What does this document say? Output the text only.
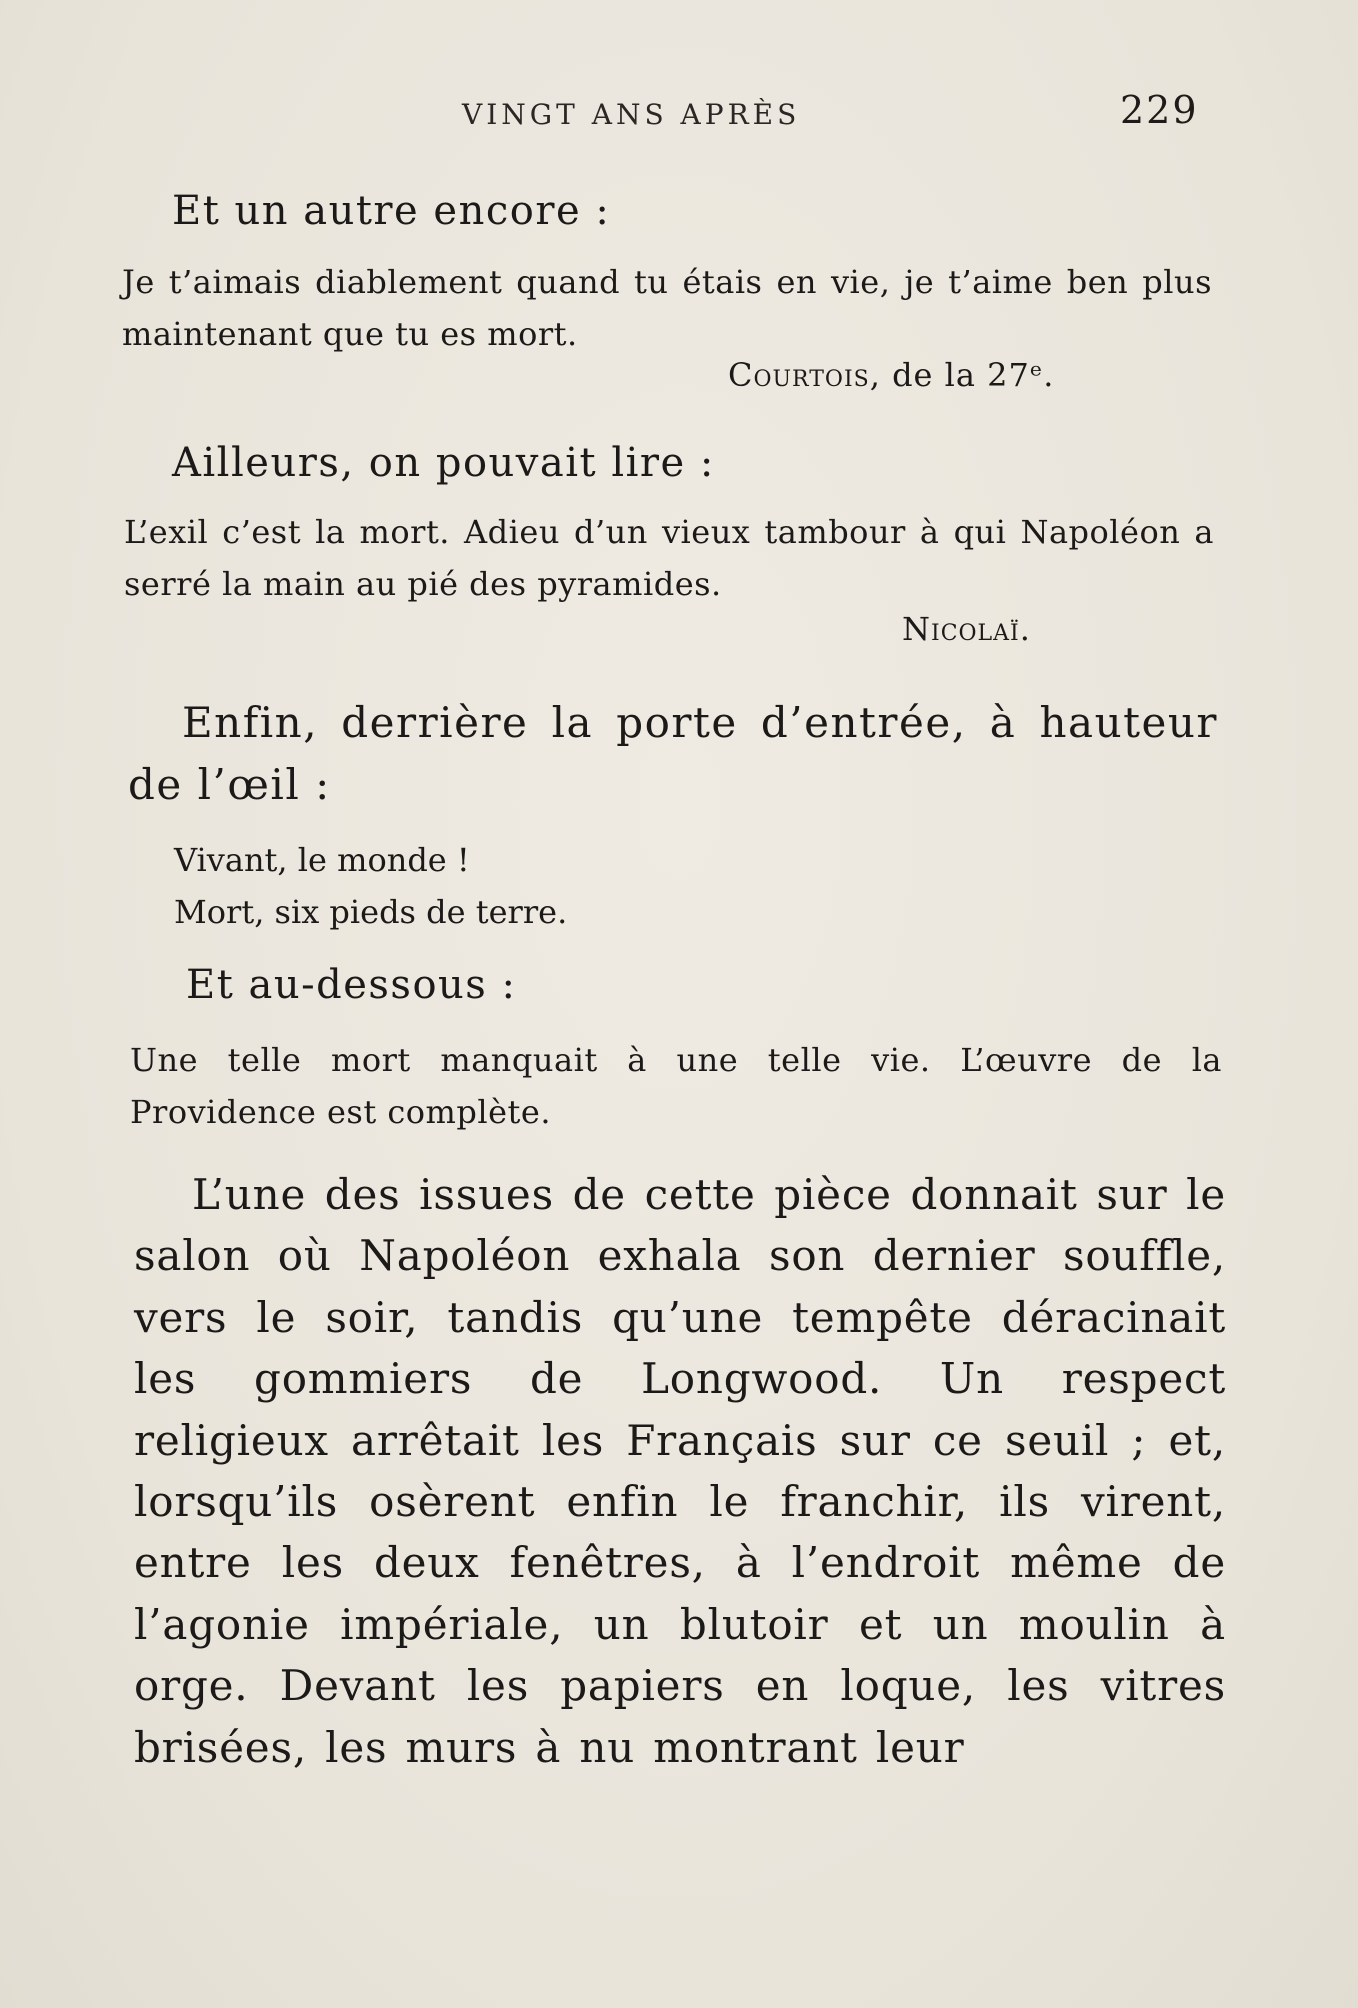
VINGT ANS APRÈS	229
Et un autre encore :
Je t’aimais diablement quand tu étais en vie, je t’aime ben plus maintenant que tu es mort.
Courtois, de la 27ᵉ.
Ailleurs, on pouvait lire :
L’exil c’est la mort. Adieu d’un vieux tambour à qui Napoléon a serré la main au pié des pyramides.
Nicolaï.
Enfin, derrière la porte d’entrée, à hauteur de l’œil :
Vivant, le monde !
Mort, six pieds de terre.
Et au-dessous :
Une telle mort manquait à une telle vie. L’œuvre de la Providence est complète.

L’une des issues de cette pièce donnait sur le salon où Napoléon exhala son dernier souffle, vers le soir, tandis qu’une tempête déracinait les gommiers de Longwood. Un respect religieux arrêtait les Français sur ce seuil ; et, lorsqu’ils osèrent enfin le franchir, ils virent, entre les deux fenêtres, à l’endroit même de l’agonie impériale, un blutoir et un moulin à orge. Devant les papiers en loque, les vitres brisées, les murs à nu montrant leur
